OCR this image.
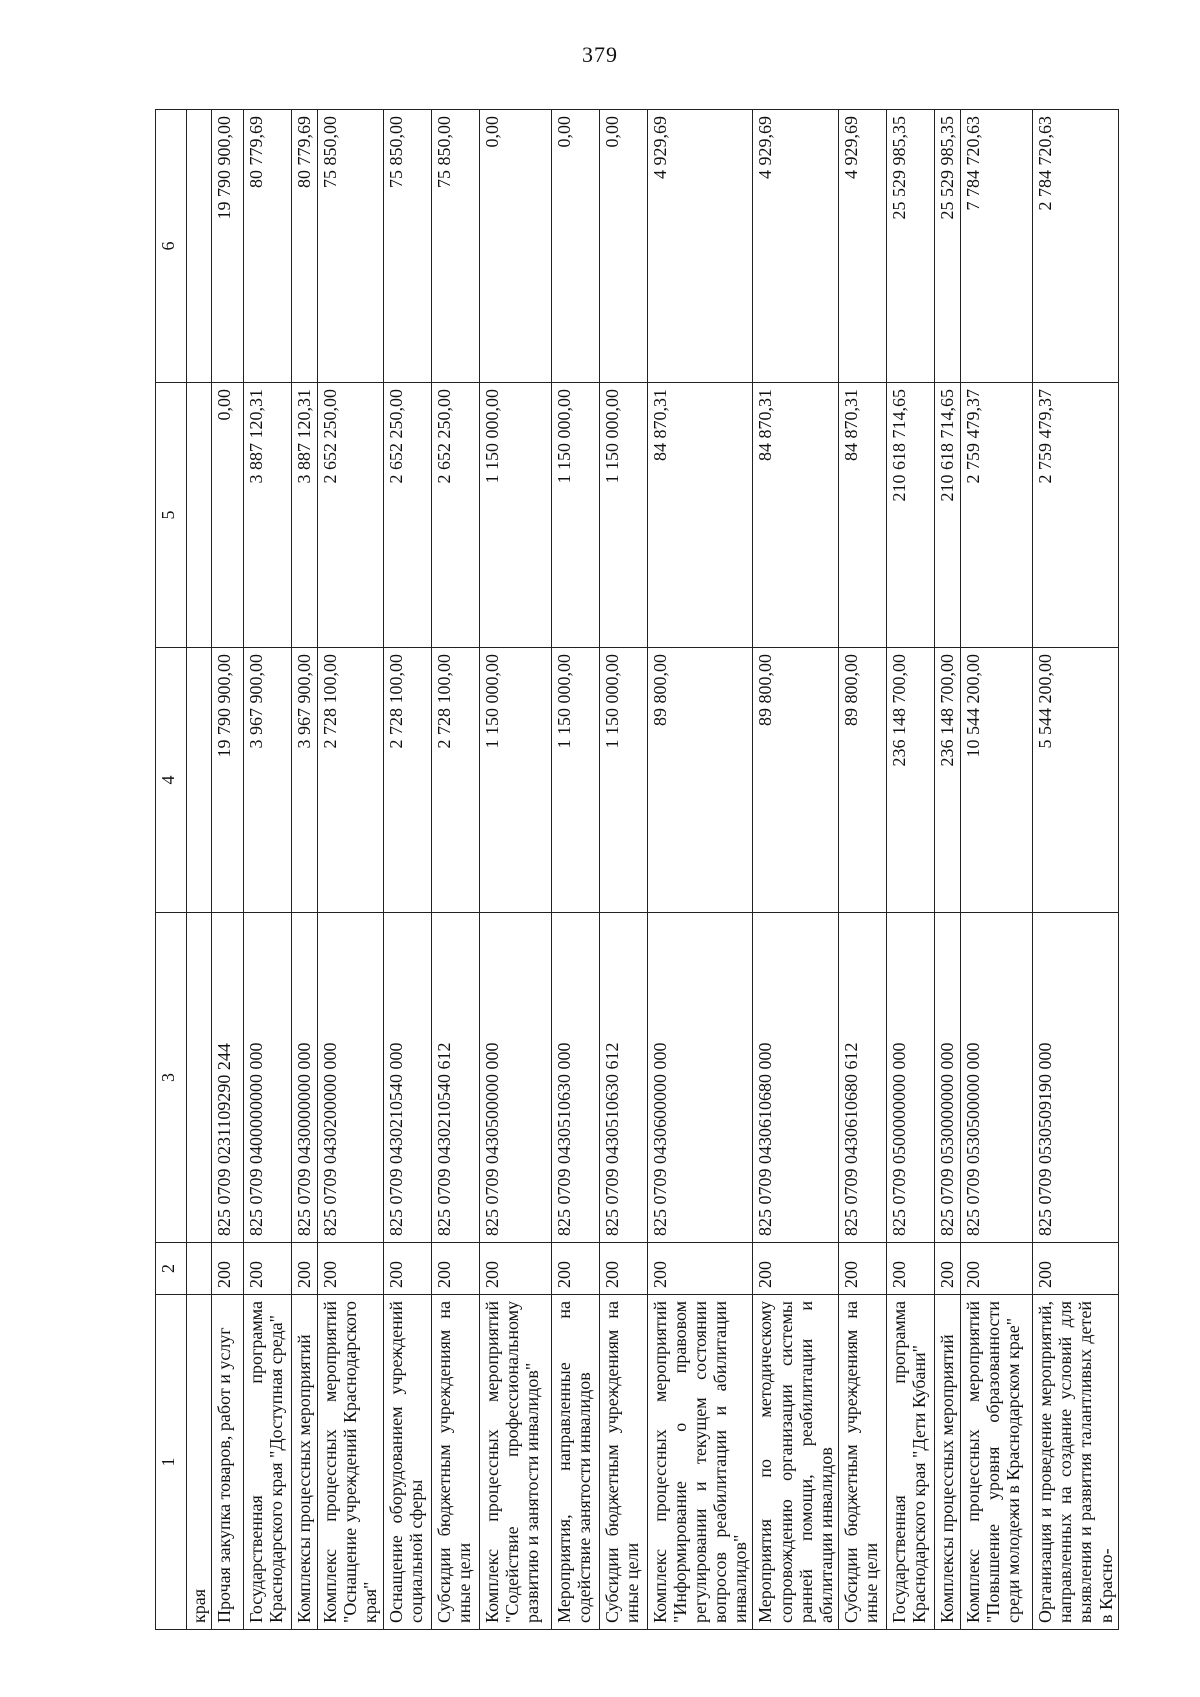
379
1	2	3	4	5	6
края					
Прочая закупка товаров, работ и услуг	200	825 0709 0231109290 244	19 790 900,00	0,00	19 790 900,00
Государственная программа Краснодарского края "Доступная среда"	200	825 0709 0400000000 000	3 967 900,00	3 887 120,31	80 779,69
Комплексы процессных мероприятий	200	825 0709 0430000000 000	3 967 900,00	3 887 120,31	80 779,69
Комплекс процессных мероприятий "Оснащение учреждений Краснодарского края"	200	825 0709 0430200000 000	2 728 100,00	2 652 250,00	75 850,00
Оснащение оборудованием учреждений социальной сферы	200	825 0709 0430210540 000	2 728 100,00	2 652 250,00	75 850,00
Субсидии бюджетным учреждениям на иные цели	200	825 0709 0430210540 612	2 728 100,00	2 652 250,00	75 850,00
Комплекс процессных мероприятий "Содействие профессиональному развитию и занятости инвалидов"	200	825 0709 0430500000 000	1 150 000,00	1 150 000,00	0,00
Мероприятия, направленные на содействие занятости инвалидов	200	825 0709 0430510630 000	1 150 000,00	1 150 000,00	0,00
Субсидии бюджетным учреждениям на иные цели	200	825 0709 0430510630 612	1 150 000,00	1 150 000,00	0,00
Комплекс процессных мероприятий "Информирование о правовом регулировании и текущем состоянии вопросов реабилитации и абилитации инвалидов"	200	825 0709 0430600000 000	89 800,00	84 870,31	4 929,69
Мероприятия по методическому сопровождению организации системы ранней помощи, реабилитации и абилитации инвалидов	200	825 0709 0430610680 000	89 800,00	84 870,31	4 929,69
Субсидии бюджетным учреждениям на иные цели	200	825 0709 0430610680 612	89 800,00	84 870,31	4 929,69
Государственная программа Краснодарского края "Дети Кубани"	200	825 0709 0500000000 000	236 148 700,00	210 618 714,65	25 529 985,35
Комплексы процессных мероприятий	200	825 0709 0530000000 000	236 148 700,00	210 618 714,65	25 529 985,35
Комплекс процессных мероприятий "Повышение уровня образованности среди молодежи в Краснодарском крае"	200	825 0709 0530500000 000	10 544 200,00	2 759 479,37	7 784 720,63
Организация и проведение мероприятий, направленных на создание условий для выявления и развития талантливых детей в Красно-	200	825 0709 0530509190 000	5 544 200,00	2 759 479,37	2 784 720,63
